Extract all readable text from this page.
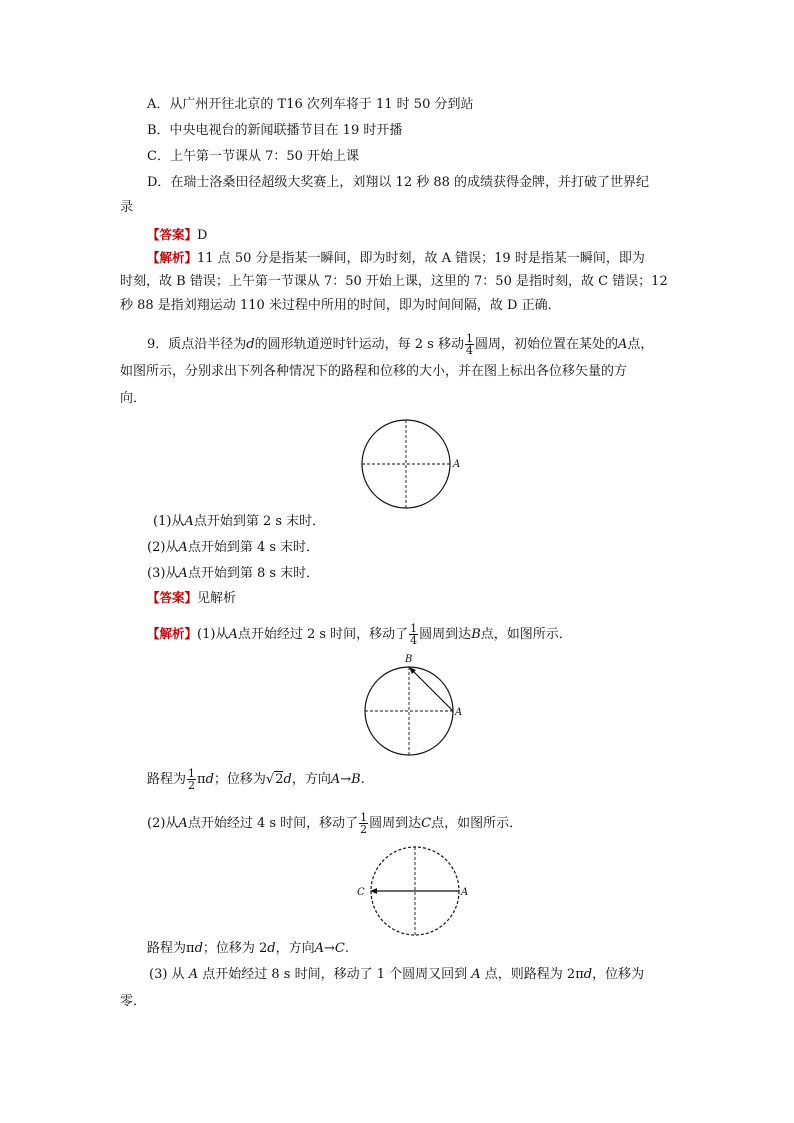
A．从广州开往北京的 T16 次列车将于 11 时 50 分到站
B．中央电视台的新闻联播节目在 19 时开播
C．上午第一节课从 7：50 开始上课
D．在瑞士洛桑田径超级大奖赛上，刘翔以 12 秒 88 的成绩获得金牌，并打破了世界纪
录
【答案】D
【解析】11 点 50 分是指某一瞬间，即为时刻，故 A 错误；19 时是指某一瞬间，即为
时刻，故 B 错误；上午第一节课从 7：50 开始上课，这里的 7：50 是指时刻，故 C 错误；12
秒 88 是指刘翔运动 110 米过程中所用的时间，即为时间间隔，故 D 正确．
9．质点沿半径为d的圆形轨道逆时针运动，每 2 s 移动 $\frac{1}{4}$ 圆周，初始位置在某处的A点，
如图所示，分别求出下列各种情况下的路程和位移的大小，并在图上标出各位移矢量的方
向．
A
(1)从A点开始到第 2 s 末时．
(2)从A点开始到第 4 s 末时．
(3)从A点开始到第 8 s 末时．
【答案】见解析
【解析】(1)从A点开始经过 2 s 时间，移动了 $\frac{1}{4}$ 圆周到达B点，如图所示．
B
A
路程为 $\frac{1}{2}$ πd；位移为√2d，方向A→B.
(2)从A点开始经过 4 s 时间，移动了 $\frac{1}{2}$ 圆周到达C点，如图所示．
C	A
路程为πd；位移为 2d，方向A→C.
(3) 从 A 点开始经过 8 s 时间，移动了 1 个圆周又回到 A 点，则路程为 2πd，位移为
零．
